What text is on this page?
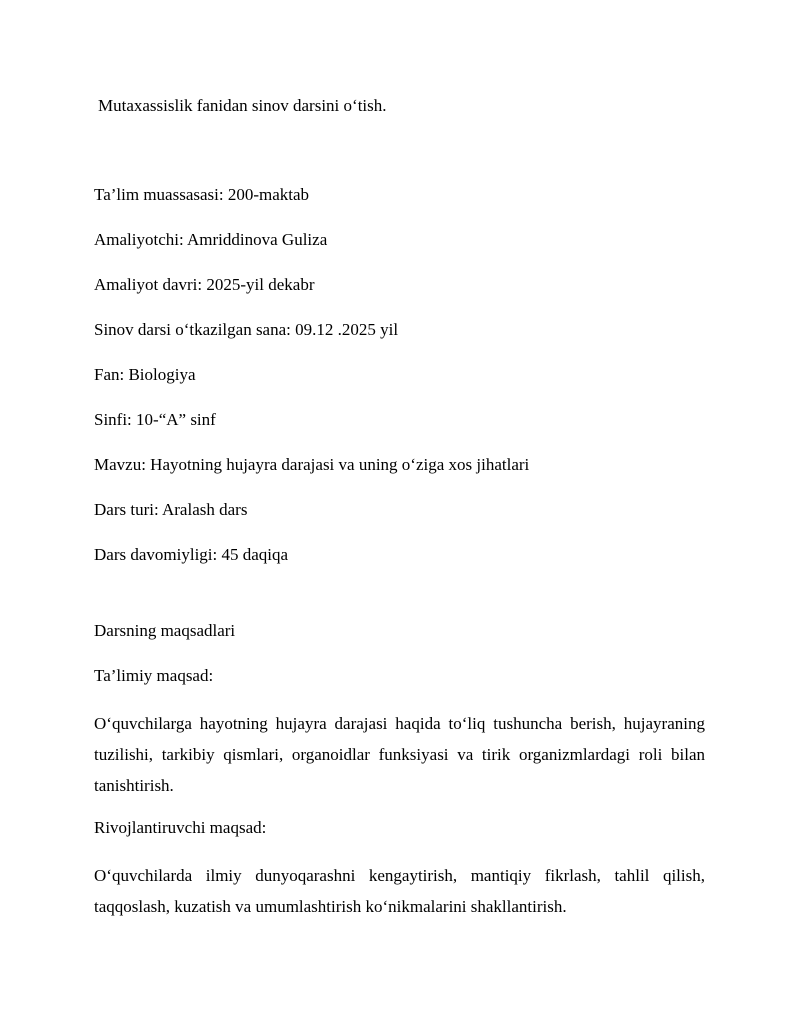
Mutaxassislik fanidan sinov darsini o‘tish.

Ta’lim muassasasi: 200-maktab

Amaliyotchi: Amriddinova Guliza

Amaliyot davri: 2025-yil dekabr

Sinov darsi o‘tkazilgan sana: 09.12 .2025 yil

Fan: Biologiya

Sinfi: 10-“A” sinf

Mavzu: Hayotning hujayra darajasi va uning o‘ziga xos jihatlari

Dars turi: Aralash dars

Dars davomiyligi: 45 daqiqa

Darsning maqsadlari

Ta’limiy maqsad:

O‘quvchilarga hayotning hujayra darajasi haqida to‘liq tushuncha berish, hujayraning tuzilishi, tarkibiy qismlari, organoidlar funksiyasi va tirik organizmlardagi roli bilan tanishtirish.

Rivojlantiruvchi maqsad:

O‘quvchilarda ilmiy dunyoqarashni kengaytirish, mantiqiy fikrlash, tahlil qilish, taqqoslash, kuzatish va umumlashtirish ko‘nikmalarini shakllantirish.
